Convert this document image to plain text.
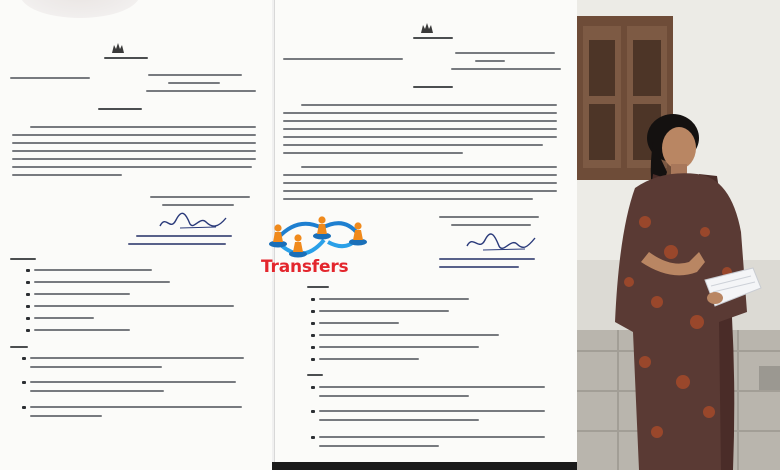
Transfers
